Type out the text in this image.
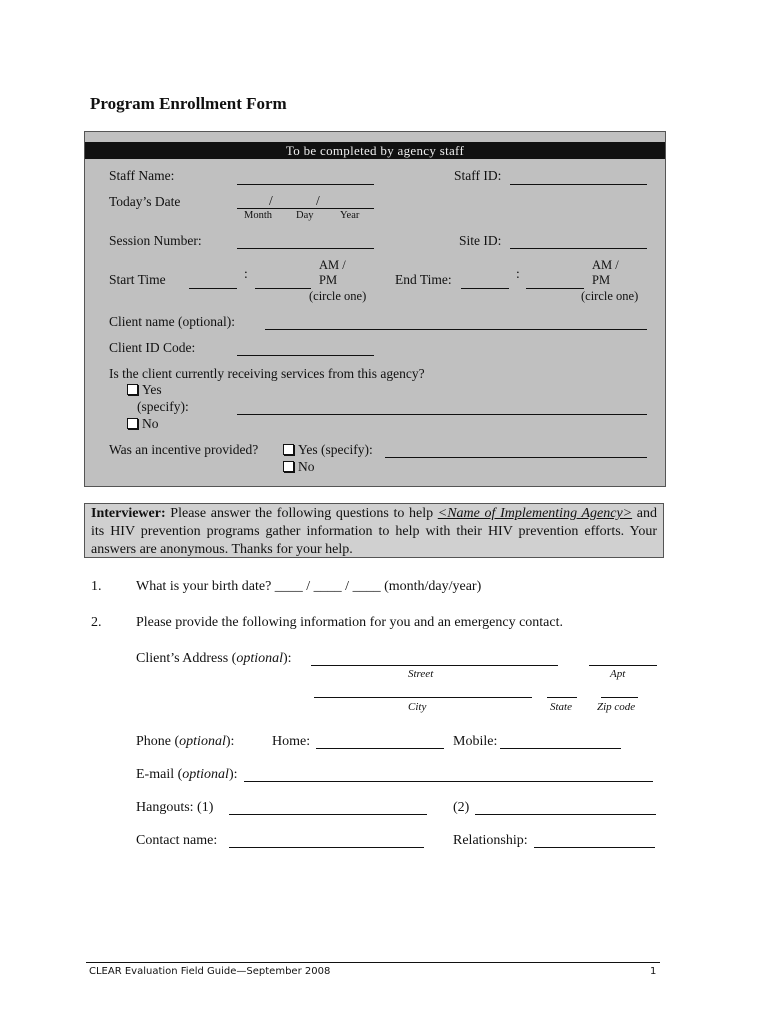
Program Enrollment Form
To be completed by agency staff
Staff Name:	Staff ID:
Today’s Date	/	/
Month Day	Year
Session Number:	Site ID:
Start Time	:
AM /
PM
(circle one)
End Time:	:
AM /
PM
(circle one)
Client name (optional):
Client ID Code:
Is the client currently receiving services from this agency?
Yes
(specify):
No
Was an incentive provided?	Yes (specify):
No
Interviewer: Please answer the following questions to help <Name of Implementing Agency> and its HIV prevention programs gather information to help with their HIV prevention efforts. Your answers are anonymous. Thanks for your help.
1. What is your birth date? ____ / ____ / ____ (month/day/year)
2. Please provide the following information for you and an emergency contact.
Client’s Address (optional):
Street	Apt
City	State Zip code
Phone (optional):	Home:	Mobile:
E-mail (optional):
Hangouts: (1)	(2)
Contact name:	Relationship:
CLEAR Evaluation Field Guide—September 2008	1
